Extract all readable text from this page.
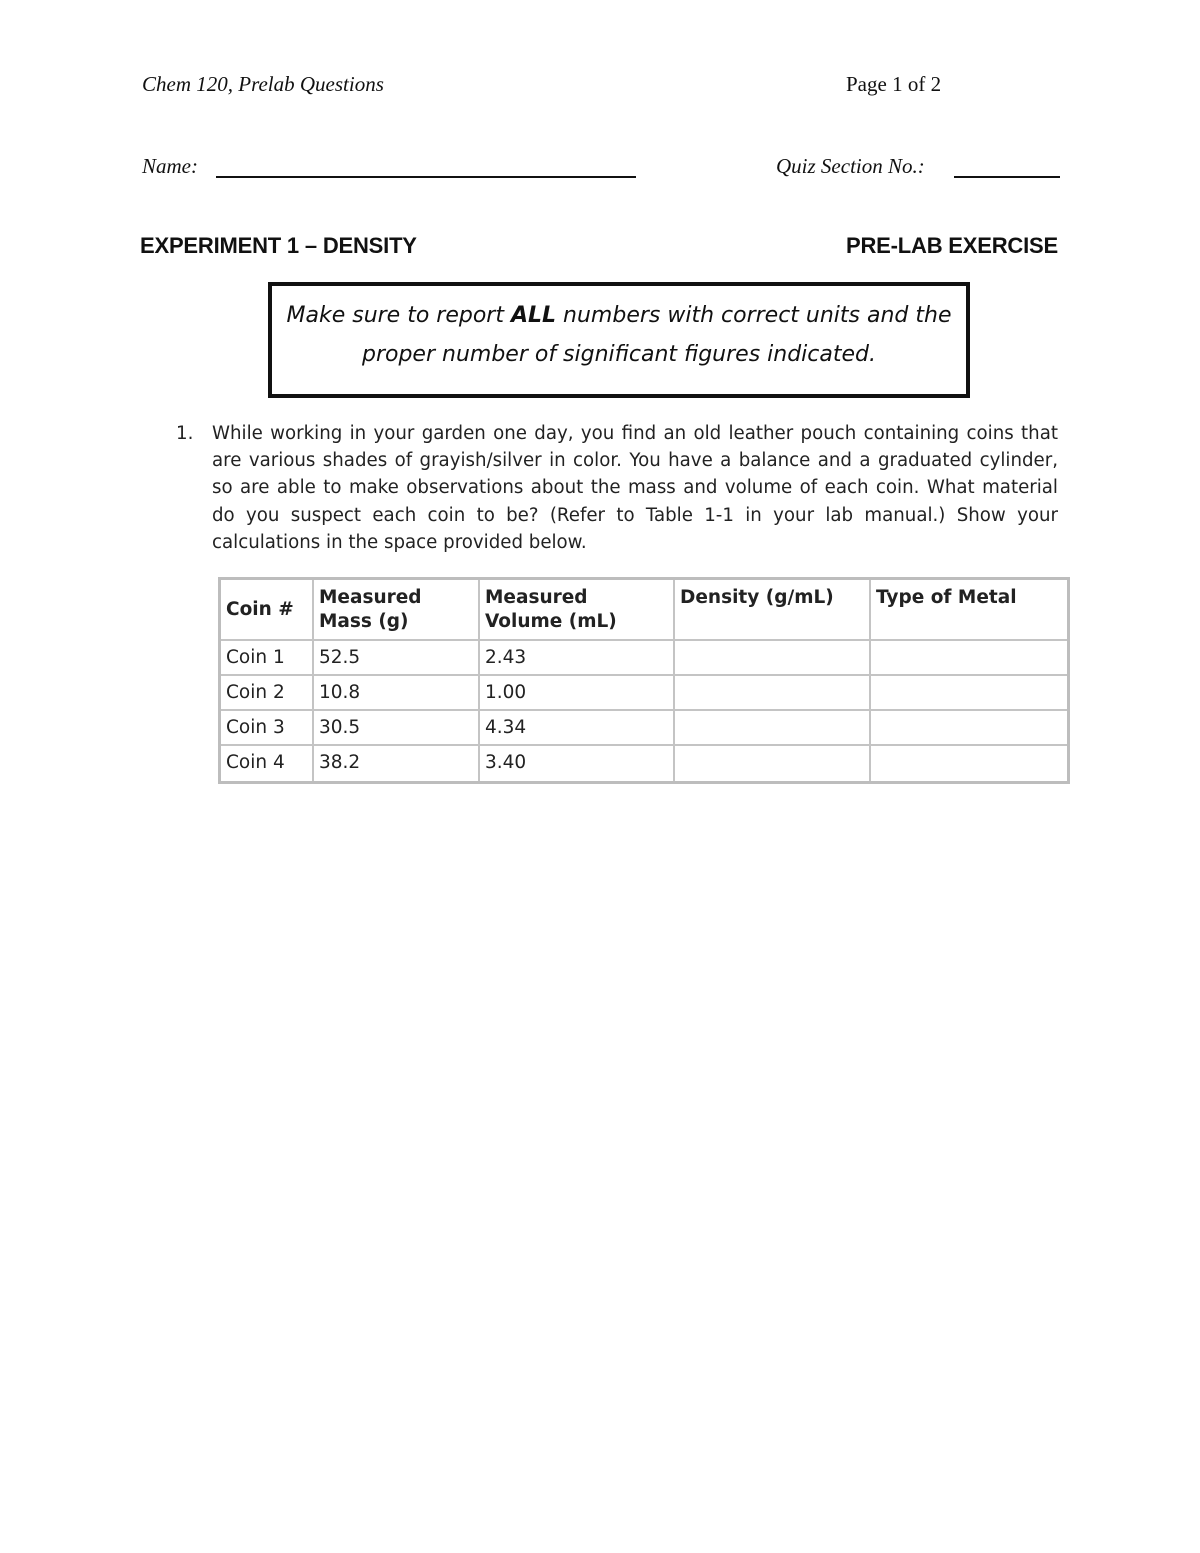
Chem 120, Prelab Questions	Page 1 of 2
Name:	Quiz Section No.:
EXPERIMENT 1 – DENSITY	PRE-LAB EXERCISE
Make sure to report ALL numbers with correct units and the
proper number of significant figures indicated.
1. While working in your garden one day, you find an old leather pouch containing coins that are various shades of grayish/silver in color. You have a balance and a graduated cylinder, so are able to make observations about the mass and volume of each coin. What material do you suspect each coin to be? (Refer to Table 1-1 in your lab manual.) Show your calculations in the space provided below.
Coin #	Measured Mass (g)	Measured Volume (mL)	Density (g/mL)	Type of Metal
Coin 1	52.5	2.43		
Coin 2	10.8	1.00		
Coin 3	30.5	4.34		
Coin 4	38.2	3.40		
